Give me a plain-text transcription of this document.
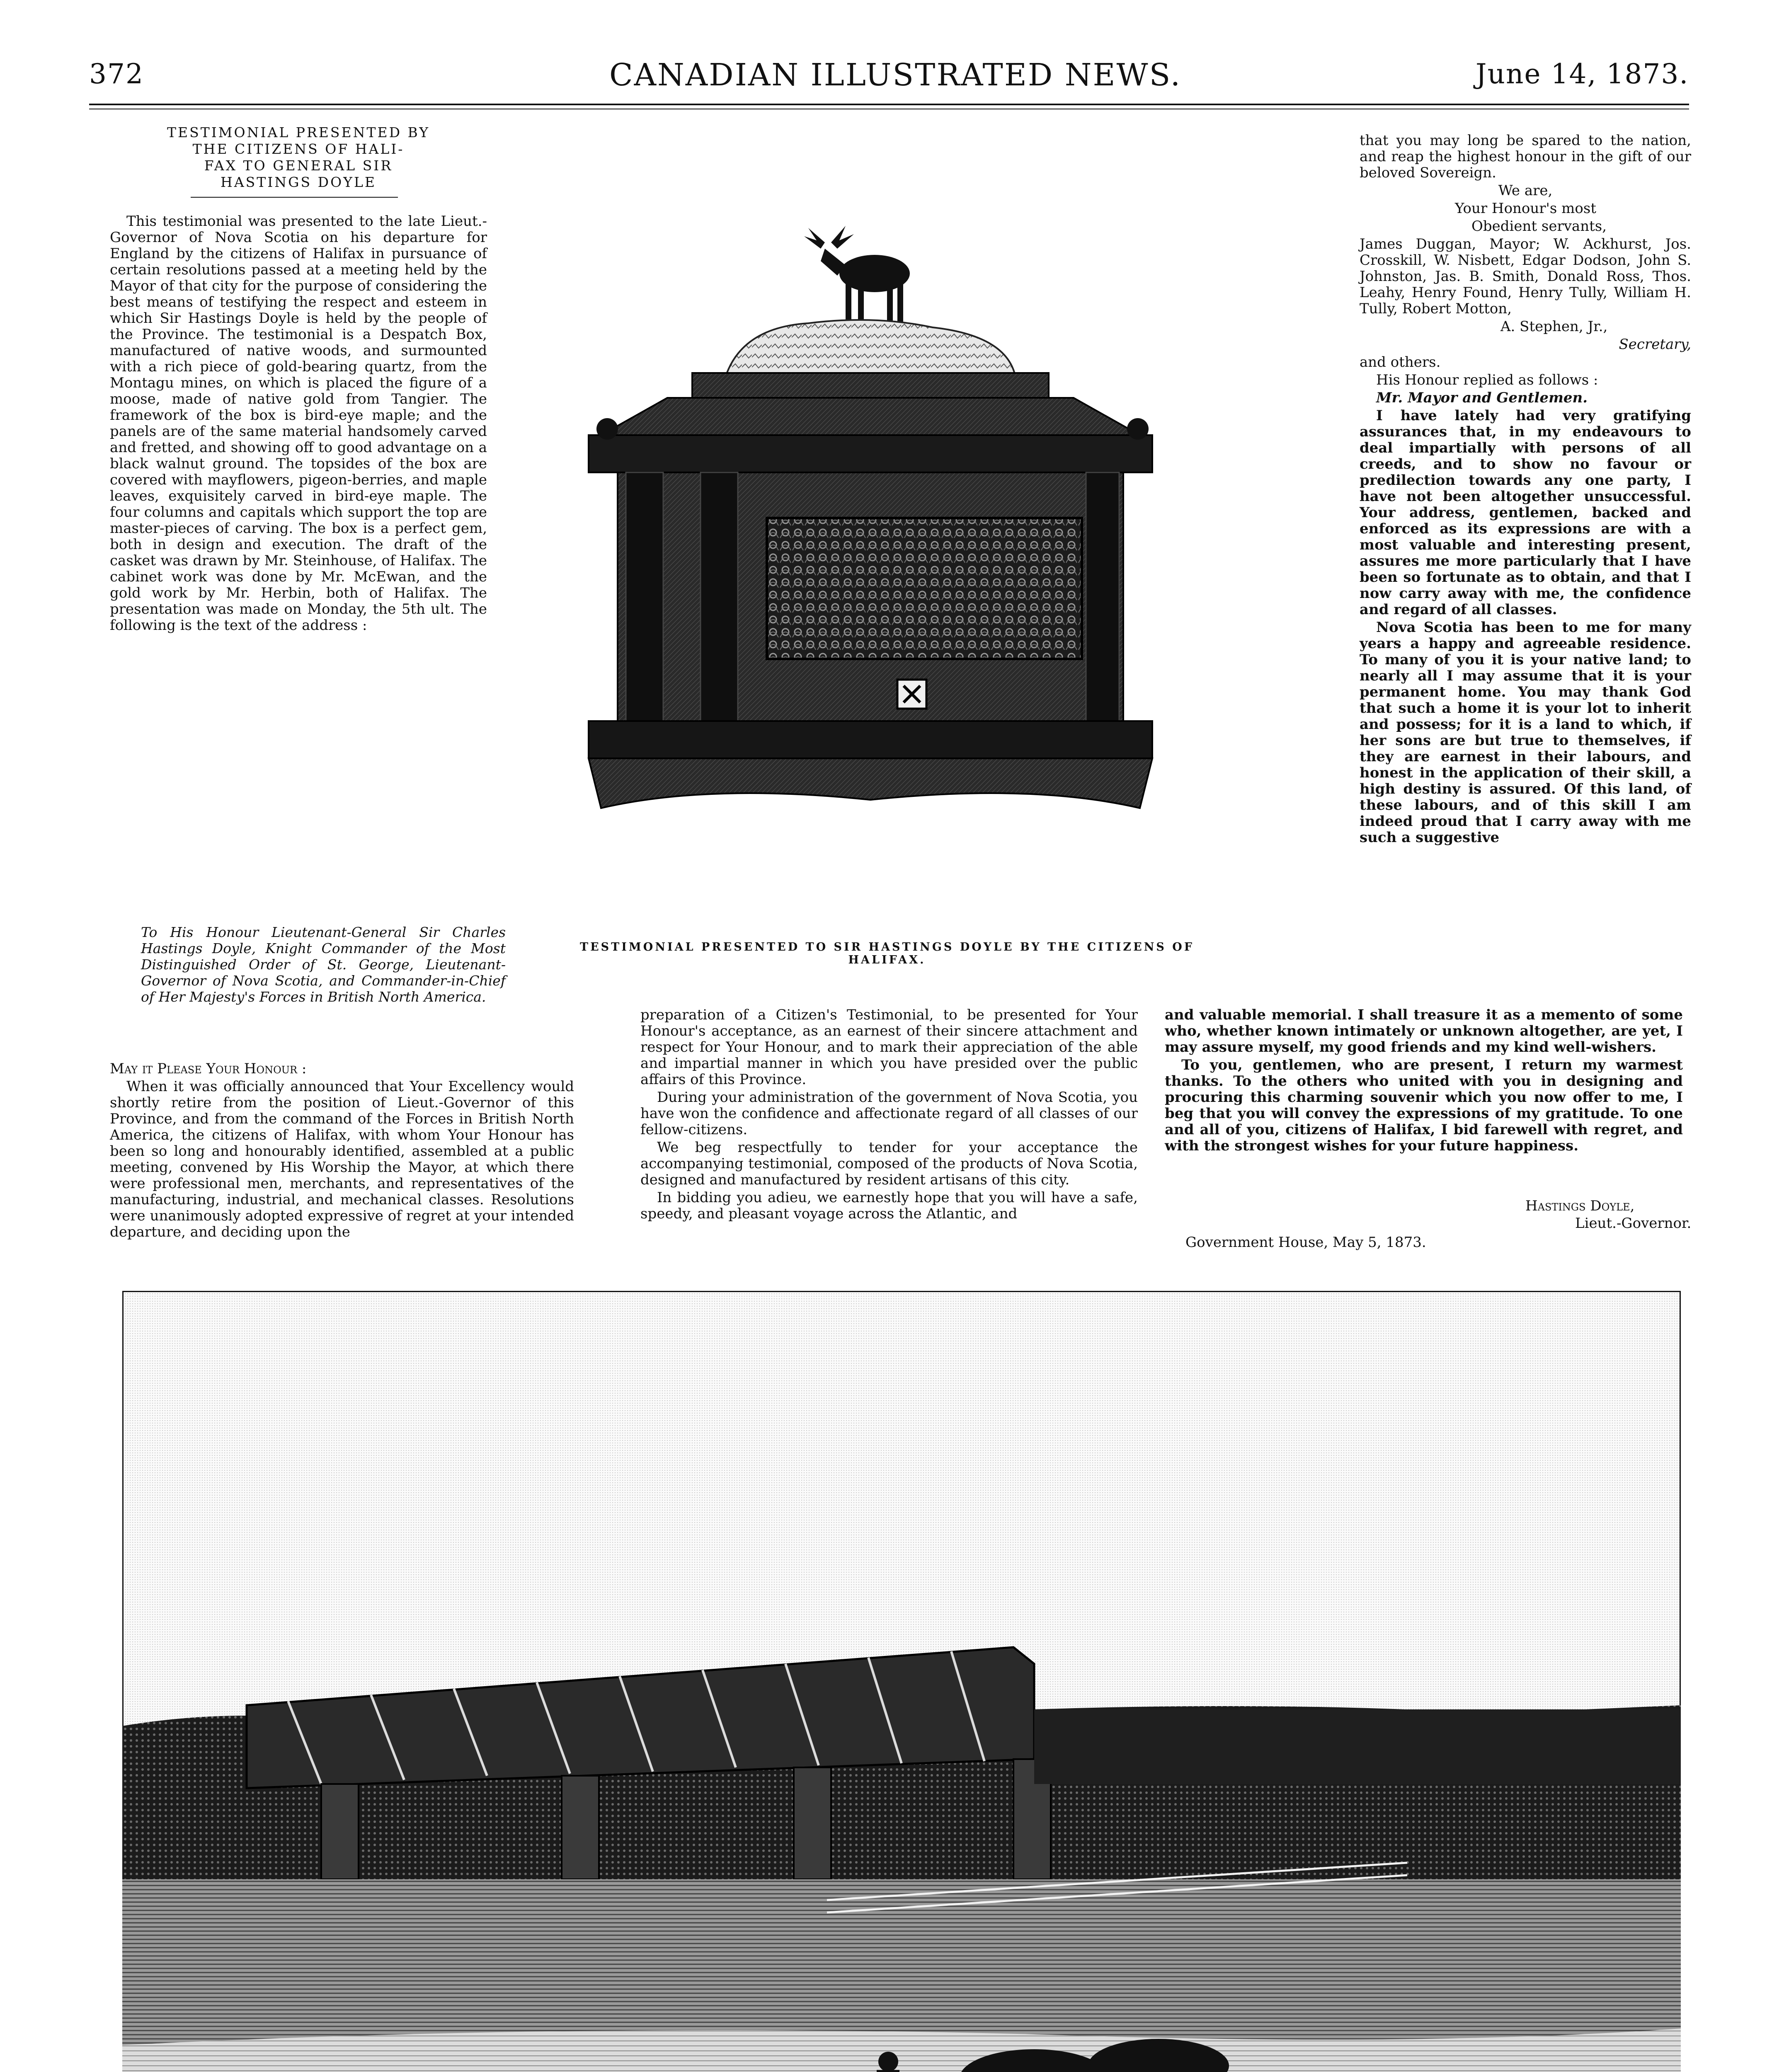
372	CANADIAN ILLUSTRATED NEWS.	June 14, 1873.
TESTIMONIAL PRESENTED BY
THE CITIZENS OF HALI-
FAX TO GENERAL SIR
HASTINGS DOYLE

This testimonial was presented to the late Lieut.-Governor of Nova Scotia on his departure for England by the citizens of Halifax in pursuance of certain resolutions passed at a meeting held by the Mayor of that city for the purpose of considering the best means of testifying the respect and esteem in which Sir Hastings Doyle is held by the people of the Province. The testimonial is a Despatch Box, manufactured of native woods, and surmounted with a rich piece of gold-bearing quartz, from the Montagu mines, on which is placed the figure of a moose, made of native gold from Tangier. The framework of the box is bird-eye maple; and the panels are of the same material handsomely carved and fretted, and showing off to good advantage on a black walnut ground. The topsides of the box are covered with mayflowers, pigeon-berries, and maple leaves, exquisitely carved in bird-eye maple. The four columns and capitals which support the top are master-pieces of carving. The box is a perfect gem, both in design and execution. The draft of the casket was drawn by Mr. Steinhouse, of Halifax. The cabinet work was done by Mr. McEwan, and the gold work by Mr. Herbin, both of Halifax. The presentation was made on Monday, the 5th ult. The following is the text of the address :

TESTIMONIAL PRESENTED TO SIR HASTINGS DOYLE BY THE CITIZENS OF HALIFAX.

To His Honour Lieutenant-General Sir Charles Hastings Doyle, Knight Commander of the Most Distinguished Order of St. George, Lieutenant-Governor of Nova Scotia, and Commander-in-Chief of Her Majesty's Forces in British North America.

May it Please Your Honour :

When it was officially announced that Your Excellency would shortly retire from the position of Lieut.-Governor of this Province, and from the command of the Forces in British North America, the citizens of Halifax, with whom Your Honour has been so long and honourably identified, assembled at a public meeting, convened by His Worship the Mayor, at which there were professional men, merchants, and representatives of the manufacturing, industrial, and mechanical classes. Resolutions were unanimously adopted expressive of regret at your intended departure, and deciding upon the

preparation of a Citizen's Testimonial, to be presented for Your Honour's acceptance, as an earnest of their sincere attachment and respect for Your Honour, and to mark their appreciation of the able and impartial manner in which you have presided over the public affairs of this Province.

During your administration of the government of Nova Scotia, you have won the confidence and affectionate regard of all classes of our fellow-citizens.

We beg respectfully to tender for your acceptance the accompanying testimonial, composed of the products of Nova Scotia, designed and manufactured by resident artisans of this city.

In bidding you adieu, we earnestly hope that you will have a safe, speedy, and pleasant voyage across the Atlantic, and

that you may long be spared to the nation, and reap the highest honour in the gift of our beloved Sovereign.

We are,

Your Honour's most

Obedient servants,

James Duggan, Mayor; W. Ackhurst, Jos. Crosskill, W. Nisbett, Edgar Dodson, John S. Johnston, Jas. B. Smith, Donald Ross, Thos. Leahy, Henry Found, Henry Tully, William H. Tully, Robert Motton,

A. Stephen, Jr.,

Secretary,

and others.

His Honour replied as follows :

Mr. Mayor and Gentlemen.

I have lately had very gratifying assurances that, in my endeavours to deal impartially with persons of all creeds, and to show no favour or predilection towards any one party, I have not been altogether unsuccessful. Your address, gentlemen, backed and enforced as its expressions are with a most valuable and interesting present, assures me more particularly that I have been so fortunate as to obtain, and that I now carry away with me, the confidence and regard of all classes.

Nova Scotia has been to me for many years a happy and agreeable residence. To many of you it is your native land; to nearly all I may assume that it is your permanent home. You may thank God that such a home it is your lot to inherit and possess; for it is a land to which, if her sons are but true to themselves, if they are earnest in their labours, and honest in the application of their skill, a high destiny is assured. Of this land, of these labours, and of this skill I am indeed proud that I carry away with me such a suggestive

and valuable memorial. I shall treasure it as a memento of some who, whether known intimately or unknown altogether, are yet, I may assure myself, my good friends and my kind well-wishers.

To you, gentlemen, who are present, I return my warmest thanks. To the others who united with you in designing and procuring this charming souvenir which you now offer to me, I beg that you will convey the expressions of my gratitude. To one and all of you, citizens of Halifax, I bid farewell with regret, and with the strongest wishes for your future happiness.

Hastings Doyle,
Lieut.-Governor.
Government House, May 5, 1873.
